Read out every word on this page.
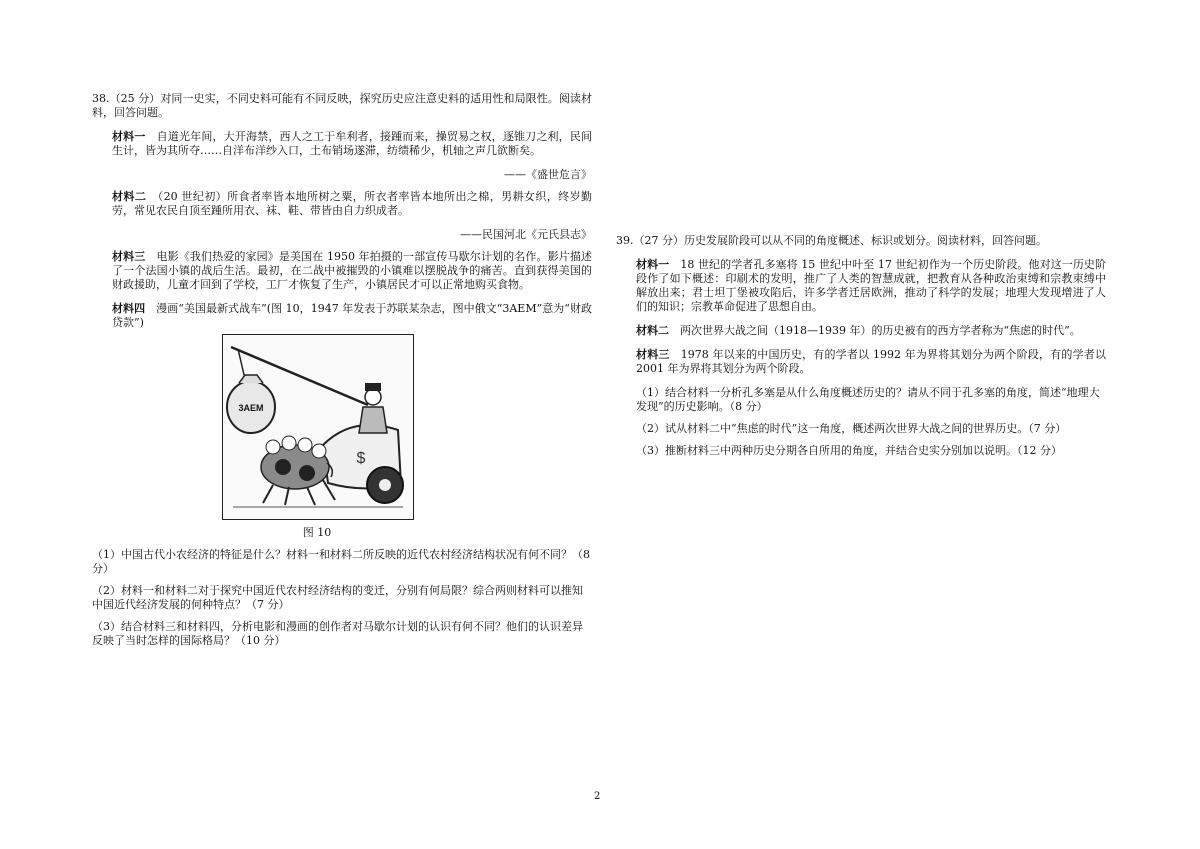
38.（25 分）对同一史实，不同史料可能有不同反映，探究历史应注意史料的适用性和局限性。阅读材料，回答问题。

材料一　 自道光年间，大开海禁，西人之工于牟利者，接踵而来，操贸易之权，逐锥刀之利，民间生计，皆为其所夺……自洋布洋纱入口，土布销场遂滞，纺绩稀少，机轴之声几欲断矣。

——《盛世危言》

材料二　 （20 世纪初）所食者率皆本地所树之粟，所衣者率皆本地所出之棉，男耕女织，终岁勤劳，常见农民自顶至踵所用衣、袜、鞋、带皆由自力织成者。

——民国河北《元氏县志》

材料三　 电影《我们热爱的家园》是美国在 1950 年拍摄的一部宣传马歇尔计划的名作。影片描述了一个法国小镇的战后生活。最初，在二战中被摧毁的小镇难以摆脱战争的痛苦。直到获得美国的财政援助，儿童才回到了学校，工厂才恢复了生产，小镇居民才可以正常地购买食物。

材料四　 漫画“美国最新式战车”(图 10，1947 年发表于苏联某杂志，图中俄文“3AEM”意为“财政贷款”)

3AEM
$

图 10

（1）中国古代小农经济的特征是什么？材料一和材料二所反映的近代农村经济结构状况有何不同？（8 分）

（2）材料一和材料二对于探究中国近代农村经济结构的变迁，分别有何局限？综合两则材料可以推知中国近代经济发展的何种特点？（7 分）

（3）结合材料三和材料四，分析电影和漫画的创作者对马歇尔计划的认识有何不同？他们的认识差异反映了当时怎样的国际格局？（10 分）

39.（27 分）历史发展阶段可以从不同的角度概述、标识或划分。阅读材料，回答问题。

材料一　 18 世纪的学者孔多塞将 15 世纪中叶至 17 世纪初作为一个历史阶段。他对这一历史阶段作了如下概述：印刷术的发明，推广了人类的智慧成就，把教育从各种政治束缚和宗教束缚中解放出来；君士坦丁堡被攻陷后，许多学者迁居欧洲，推动了科学的发展；地理大发现增进了人们的知识；宗教革命促进了思想自由。

材料二　 两次世界大战之间（1918—1939 年）的历史被有的西方学者称为“焦虑的时代”。

材料三　 1978 年以来的中国历史，有的学者以 1992 年为界将其划分为两个阶段，有的学者以 2001 年为界将其划分为两个阶段。

（1）结合材料一分析孔多塞是从什么角度概述历史的？请从不同于孔多塞的角度，简述“地理大发现”的历史影响。（8 分）

（2）试从材料二中“焦虑的时代”这一角度，概述两次世界大战之间的世界历史。（7 分）

（3）推断材料三中两种历史分期各自所用的角度，并结合史实分别加以说明。（12 分）

2
